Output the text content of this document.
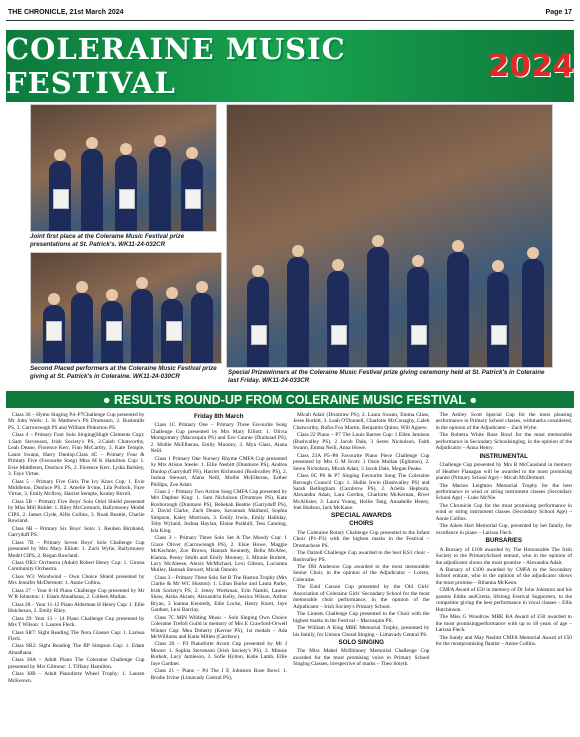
THE CHRONICLE, 21st March 2024	Page 17
COLERAINE MUSIC FESTIVAL	2024
Joint first place at the Coleraine Music Festival prize presentations at St. Patrick's. WK11-24-032CR
Second Placed performers at the Coleraine Music Festival prize giving at St. Patrick's in Coleraine. WK11-24-030CR	Special Prizewinners at the Coleraine Music Festival prize giving ceremony held at St. Patrick's in Coleraine last Friday. WK11-24-033CR
● RESULTS ROUND-UP FROM COLERAINE MUSIC FESTIVAL ●

Class 36 – Hymn Singing P4–P7Challenge Cup presented by Mr John Wells: 1. St Matthew's PS Drumsurn, 2. Bushmills PS, 3. Carrowreagh PS and William Pinkerton PS.

Class 4 – Primary Four Solo Singing(Hugh Clements Cup): 1.Sam Stevenson, Irish Society's PS, 2.Caleb Chatworthy, Leah Deane, Florence Kerr, Finn McCarthy, 3. Kate Temple, Laura Swann, Harry Dunlop.Class 4C – Primary Four & Primary Five (Favourite Song) Miss M K Hamilton Cup: 1. Evie Middleton, Dunluce PS, 2. Florence Kerr, Lydia Barkley, 3. Faye Virtue.

Class 5 – Primary Five Girls The Ivy Knox Cup: 1. Evie Middleton, Dunluce PS, 2. Amelie Irvine, Lila Pollock, Faye Virtue, 3. Emily McIlroy, Harriet Semple, Kealey Birrell.

Class 5B – Primary Five Boys' Solo Oriel Shield presented by Miss Mill Riddel: 1. Riley McCormack, Ballymoney Model CIPS, 2. James Clyde, Alfie Collins, 3. Noah Beattie, Charlie Rowland.

Class 6B – Primary Six Boys' Solo: 1. Reuben Birnhand, Garryduff PS.

Class 7B – Primary Seven Boys' Solo Challenge Cup presented by Mrs Mary Elliott: 1. Zach Wylie, Ballymoney Model CIPS, 2. Regan Rowland.

Class OR3: Orchestra (Adult) Robert Henry Cup: 1. Girona Community Orchestra.

Class W3: Woodwind – Own Choice Shield presented by Mrs Jennifer McDermott: 1. Annie Collins.

Class 27 – Year 8-10 Piano Challenge Cup presented by Mr W R Johnston: 1. Edam Abualhana, 2. Colleen Mullan.

Class 28 – Year 11-12 Piano Alderman H Henry Cup: 1. Ellie Hutcheson, 2. Emily Riley.

Class 29: Year 13 – 14 Piano Challenge Cup presented by Mrs T Wilson: 1. Lauren Fleck.

Class SR7: Sight Reading The Nora Glasser Cup: 1. Larissa Fleck.

Class SR2: Sight Reading The RP Simpson Cup: 1. Edam Abualhana.

Class 30A – Adult Piano The Coleraine Challenge Cup presented by Mrs Gilmour: 1. Tiffany Hamilton.

Class 30B – Adult Pianoforte Wheel Trophy: 1. Lauren McKeown.

Friday 8th March

Class 1C Primary One – Primary Three Favourite Song Challenge Cup presented by Mrs Mary Elliott: 1. Olivia Montgomery (Macosquin PS) and Eve Cannie (Dunhoad PS), 2. Mollie McElheran, Emily Mooney, 3. Mya Glass, Alana Neill.

Class 1 Primary One Nursery Rhyme CMFA Cup presented by Mrs Alison Steele: 1. Ellie Nesbitt (Dunmore PS), Andrea Dunlop (Garryduff PS), Harriet Richmond (Bushvalley PS), 2. Joshua Stewart, Alana Neill, Mollie McElheran, Esther Phillips, Zoe Adair.

Class 2 – Primary Two Action Song CMFA Cup presented by Mrs Daphne King: 1. Sam Nicholson (Drumraw PS), Kate Roxborough (Dunmore PS), Rebekah Beattie (Garryduff PS), 2. David Clarke, Zach Deane, Savannah Maitland, Sophia Simpson, Kaley Morrison, 3. Emily Irwin, Emily Halliday, Toby Wyland, Joshua Haylan, Eloise Parkhill, Tess Canning, Isla King.

Class 3 – Primary Three Solo Set A The Moody Cup: 1 Grace Oliver (Carrowreagh PS), 2. Elsie Howe, Maggie McKechnie, Zoe Brown, Hannah Kennedy, Bella McAfee, Kianna, Penny Smith and Emily Mooney, 3. Minnie Burkett, Lucy McAleese, Alexis McMichael, Lexi Gibson, Lucianna Mulley, Hannah Stewart, Micah Onnolo.

Class 3 – Primary Three Solo Set B The Huston Trophy (Mrs Clarke & Mr WC Huston): 1. Lilian Burke and Laura Parke, Irish Society's PS, 2. Jenny Workman, Erin Nambi, Lauren Shaw, Aisha Akram, Alexandria Kelly, Jessica Wilson, Arthur Bryan, 3 Ioanna Kennedy, Edie Locke, Henry Knott, Jaye Gardner, Lexi Barclay.

Class 7C MIN Wilding Music – Solo Singing Own Choice Coleraine Trefoil Guild in memory of Mrs E Crawford-Orwell Winner Cup: Mea Doherty (Kerrue PS), 1st medals – Ada McWilliams and Katie Millen (Carrbow).

Class 20 – P3 Pianoforte Acorn Cup presented by Mr J Moore: 1. Sophia Stevenson (Irish Society's PS), 2. Minnie Burkett, Lucy Jamieson, 3. Sofie Hylton, Katie Lamb, Ellie Jaye Gardner.

Class 21 – Piano – P4 The J E Johnston Rose Bowl: 1. Brodie Irvine (Limavady Central PS),

Micah Adair (Drumraw PS), 2. Laura Swann, Emma Glass, Jesse Burkitt, 3. Leah O'Donnell, Charlotte McConaghy, Caleb Chatworthy, Rufus Fox Martin, Benjamin Quinn, Will Agnew.

Class 22 Piano – P7 The Louis Barnes Cup: 1 Ellen Jamison (Bushvalley PS), 2 Jacob Dale, 3 Seren Nicholson, Faith Swann, Emma Neill, Anna Howe.

Class 23A P5–P8 Favourite Piano Piece Challenge Cup presented by Mrs G M Scott: 1 Oisin Mullan (Eglinton), 2. Seren Nicholson, Micah Adair, 3 Jacob Dale, Megan Peake.

Class 6C P6 & P7 Singing Favourite Song The Coleraine Borough Council Cup: 1. Hollie Irwin (Bushvalley PS) and Sarah Bellingham (Carnbrow PS), 2. Ariella Hepburn, Alexandra Adair, Lara Gordon, Charlotte McKernan, River McAllister, 3. Laura Young, Hollie Tang, Annabelle Heney, Joel Hudson, Jack McKane.

SPECIAL AWARDS
CHOIRS

The Coleraine Rotary Challenge Cup presented to the Infant Choir (P1–P3) with the highest marks in the Festival – Drumachose PS.

The Dalzell Challenge Cup awarded to the best KS1 choir – Bushvalley PS.

The DH Anderson Cup awarded to the most memorable Senior Choir, in the opinion of the Adjudicator – Loreto, Coleraine.

The Enid Carson Cup presented by the Old Girls' Association of Coleraine Girls' Secondary School for the most memorable choir performance, in the opinion of the Adjudicator – Irish Society's Primary School.

The Linnets Challenge Cup presented to the Choir with the highest marks in the Festival – Macosquin PS.

The William A King MBE Memorial Trophy, presented by his family, for Unison Choral Singing – Limavady Central PS.

SOLO SINGING

The Miss Mabel McIlhinney Memorial Challenge Cup awarded for the most promising voice in Primary School Singing Classes, irrespective of marks – Theo Smyth.

The Ashley Scott Special Cup for the most pleasing performance in Primary School classes, withmarks considered, in the opinion of the Adjudicator – Zach Wylie.

The Roberta White Rose Bowl for the most memorable performance in Secondary Schoolsinging, in the opinion of the Adjudicator – Anna Henry.

INSTRUMENTAL

Challenge Cup presented by Mrs B McCausland in memory of Heather Flanagan will be awarded to the most promising pianist (Primary School Age) – Micah McDermott.

The Marion Leighton Memorial Trophy for the best performance in wind or string instrument classes (Secondary School Age) – Luke McNie.

The Chronicle Cup for the most promising performance in wind or string instrument classes (Secondary School Age) – Annie Collins.

The Aiken Hart Memorial Cup, presented by her family, for excellence in piano – Larissa Fleck.

BURSARIES

A Bursary of £100 awarded by The Honourable The Irish Society to the PrimarySchool entrant, who in the opinion of the adjudicator shows the most promise – Alexandra Adair.

A Bursary of £100 awarded by CMFA to the Secondary School entrant, who in the opinion of the adjudicator shows the most promise – Rihanna McKeon.

CMFA Award of £50 in memory of Dr John Johnston and his parents Eddie andGretta, lifelong Festival Supporters, to the competitor giving the best performance in vocal classes – Ellis Hutchinson.

The Miss G Woodrow MBE BA Award of £50 awarded to the most promisingperformance with up to 18 years of age – Larissa Fleck.

The Sandy and May Nesbitt CMFA Memorial Award of £50 for the mostpromising flautist – Annie Collins.
